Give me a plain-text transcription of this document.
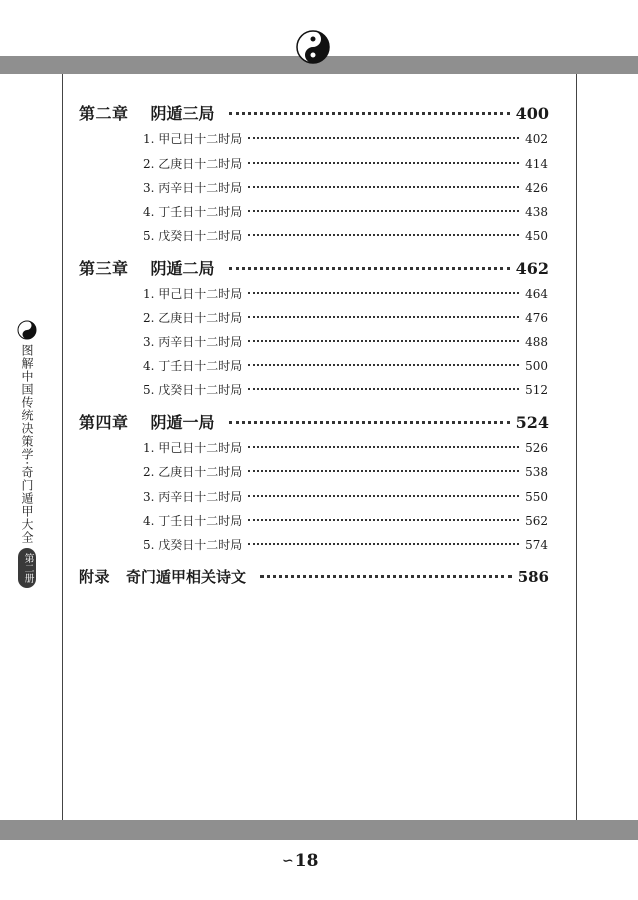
第二章 阴遁三局	400
1. 甲己日十二时局	402
2. 乙庚日十二时局	414
3. 丙辛日十二时局	426
4. 丁壬日十二时局	438
5. 戊癸日十二时局	450
第三章 阴遁二局	462
1. 甲己日十二时局	464
2. 乙庚日十二时局	476
3. 丙辛日十二时局	488
4. 丁壬日十二时局	500
5. 戊癸日十二时局	512
第四章 阴遁一局	524
1. 甲己日十二时局	526
2. 乙庚日十二时局	538
3. 丙辛日十二时局	550
4. 丁壬日十二时局	562
5. 戊癸日十二时局	574
附录 奇门遁甲相关诗文	586
图解中国传统决策学·奇门遁甲大全
第二册
∽ 18
